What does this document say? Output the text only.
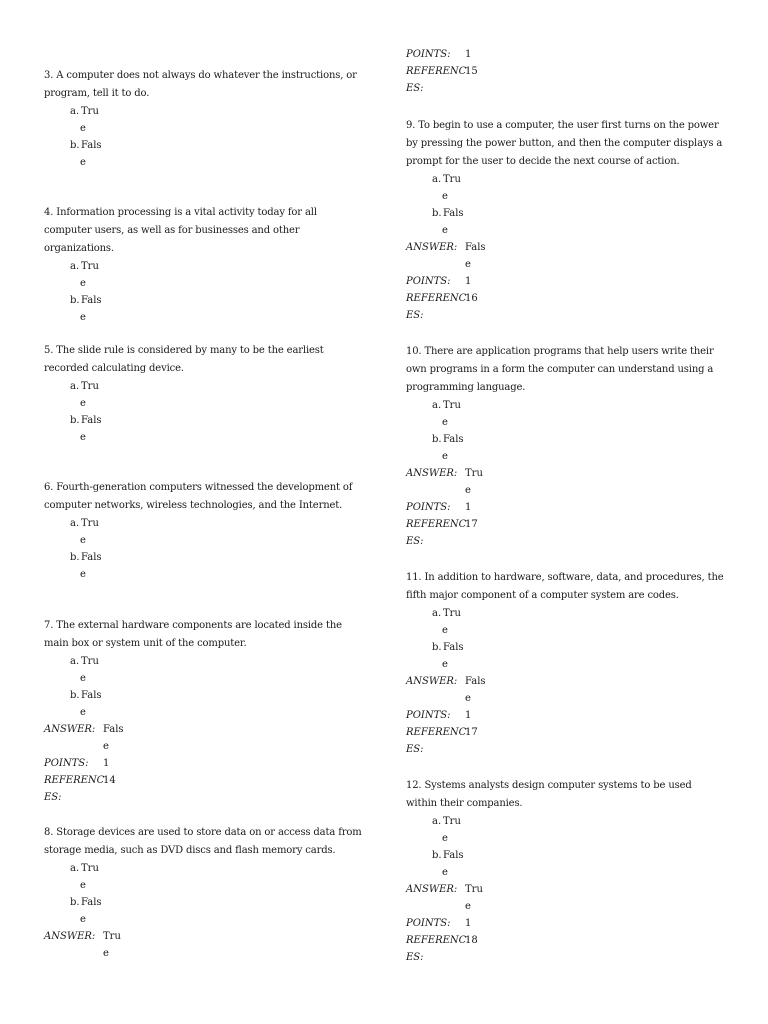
3. A computer does not always do whatever the instructions, or program, tell it to do.

a. Tru
e
b. Fals
e

4. Information processing is a vital activity today for all computer users, as well as for businesses and other organizations.

a. Tru
e
b. Fals
e

5. The slide rule is considered by many to be the earliest recorded calculating device.

a. Tru
e
b. Fals
e

6. Fourth-generation computers witnessed the development of computer networks, wireless technologies, and the Internet.

a. Tru
e
b. Fals
e

7. The external hardware components are located inside the main box or system unit of the computer.

a. Tru
e
b. Fals
e
ANSWER: Fals
e
POINTS: 1
REFERENC
ES:
14

8. Storage devices are used to store data on or access data from storage media, such as DVD discs and flash memory cards.

a. Tru
e
b. Fals
e
ANSWER: Tru
e
POINTS: 1
REFERENC
ES:
15

9. To begin to use a computer, the user first turns on the power by pressing the power button, and then the computer displays a prompt for the user to decide the next course of action.

a. Tru
e
b. Fals
e
ANSWER: Fals
e
POINTS: 1
REFERENC
ES:
16

10. There are application programs that help users write their own programs in a form the computer can understand using a programming language.

a. Tru
e
b. Fals
e
ANSWER: Tru
e
POINTS: 1
REFERENC
ES:
17

11. In addition to hardware, software, data, and procedures, the fifth major component of a computer system are codes.

a. Tru
e
b. Fals
e
ANSWER: Fals
e
POINTS: 1
REFERENC
ES:
17

12. Systems analysts design computer systems to be used within their companies.

a. Tru
e
b. Fals
e
ANSWER: Tru
e
POINTS: 1
REFERENC
ES:
18
